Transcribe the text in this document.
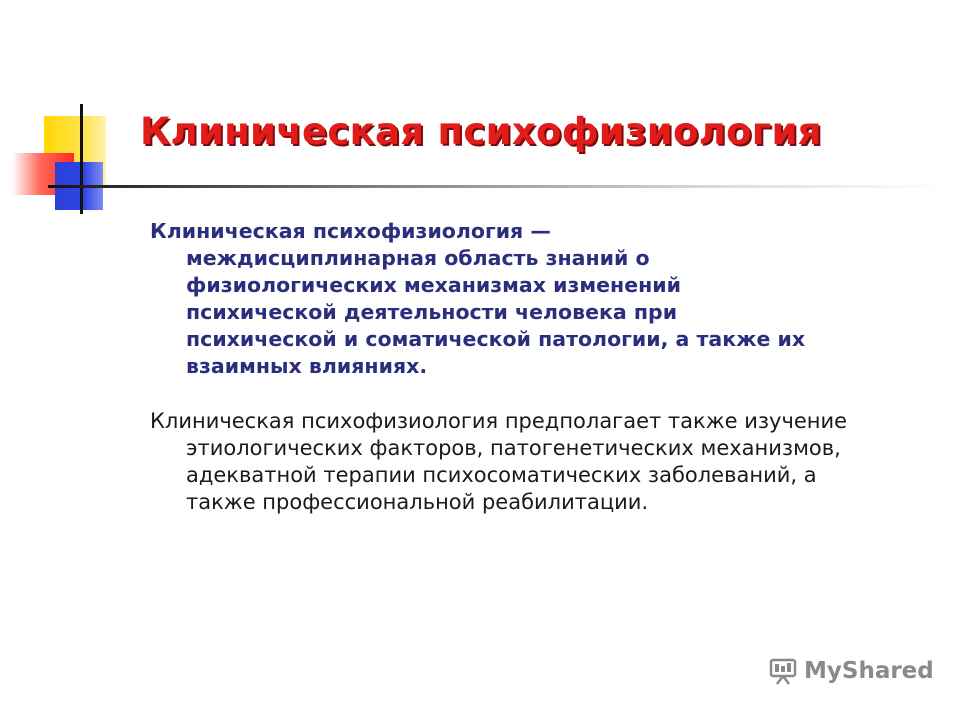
Клиническая психофизиология
Клиническая психофизиология —
междисциплинарная область знаний о
физиологических механизмах изменений
психической деятельности человека при
психической и соматической патологии, а также их
взаимных влияниях.
Клиническая психофизиология предполагает также изучение
этиологических факторов, патогенетических механизмов,
адекватной терапии психосоматических заболеваний, а
также профессиональной реабилитации.
MyShared
